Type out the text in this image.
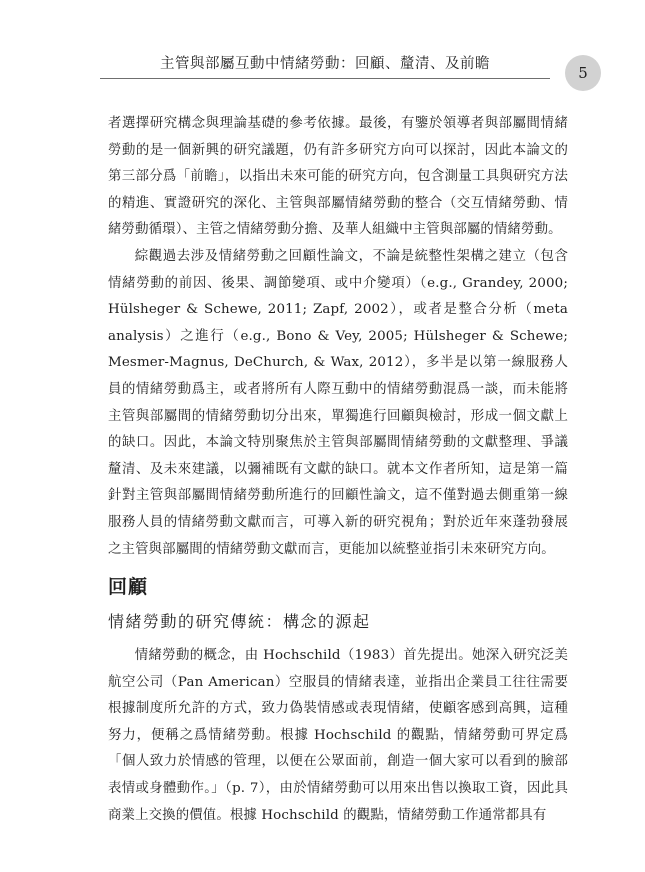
主管與部屬互動中情緒勞動：回顧、釐清、及前瞻	5

者選擇研究構念與理論基礎的參考依據。最後，有鑒於領導者與部屬間情緒勞動的是一個新興的研究議題，仍有許多研究方向可以探討，因此本論文的第三部分爲「前瞻」，以指出未來可能的研究方向，包含測量工具與研究方法的精進、實證研究的深化、主管與部屬情緒勞動的整合（交互情緒勞動、情緒勞動循環）、主管之情緒勞動分擔、及華人組織中主管與部屬的情緒勞動。

綜觀過去涉及情緒勞動之回顧性論文，不論是統整性架構之建立（包含情緒勞動的前因、後果、調節變項、或中介變項）（e.g., Grandey, 2000; Hülsheger & Schewe, 2011; Zapf, 2002），或者是整合分析（meta analysis）之進行（e.g., Bono & Vey, 2005; Hülsheger & Schewe; Mesmer-Magnus, DeChurch, & Wax, 2012），多半是以第一線服務人員的情緒勞動爲主，或者將所有人際互動中的情緒勞動混爲一談，而未能將主管與部屬間的情緒勞動切分出來，單獨進行回顧與檢討，形成一個文獻上的缺口。因此，本論文特別聚焦於主管與部屬間情緒勞動的文獻整理、爭議釐清、及未來建議，以彌補既有文獻的缺口。就本文作者所知，這是第一篇針對主管與部屬間情緒勞動所進行的回顧性論文，這不僅對過去側重第一線服務人員的情緒勞動文獻而言，可導入新的研究視角；對於近年來蓬勃發展之主管與部屬間的情緒勞動文獻而言，更能加以統整並指引未來研究方向。

回顧
情緒勞動的研究傳統：構念的源起

情緒勞動的概念，由 Hochschild（1983）首先提出。她深入研究泛美航空公司（Pan American）空服員的情緒表達，並指出企業員工往往需要根據制度所允許的方式，致力偽裝情感或表現情緒，使顧客感到高興，這種努力，便稱之爲情緒勞動。根據 Hochschild 的觀點，情緒勞動可界定爲「個人致力於情感的管理，以便在公眾面前，創造一個大家可以看到的臉部表情或身體動作。」（p. 7），由於情緒勞動可以用來出售以換取工資，因此具商業上交換的價值。根據 Hochschild 的觀點，情緒勞動工作通常都具有
